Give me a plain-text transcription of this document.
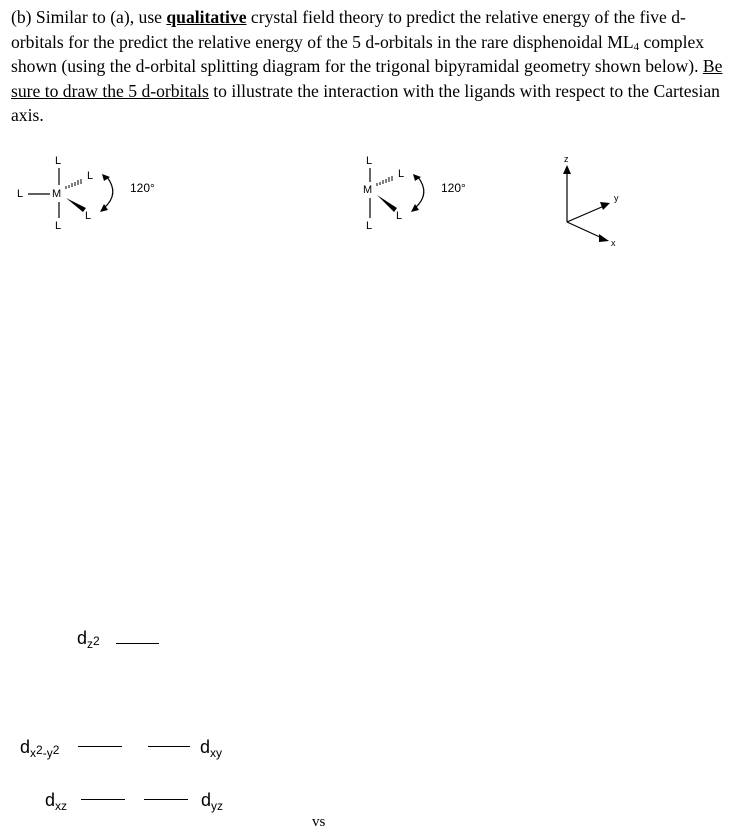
(b) Similar to (a), use qualitative crystal field theory to predict the relative energy of the five d-orbitals for the predict the relative energy of the 5 d-orbitals in the rare disphenoidal $ML_4$ complex shown (using the d-orbital splitting diagram for the trigonal bipyramidal geometry shown below). Be sure to draw the 5 d-orbitals to illustrate the interaction with the ligands with respect to the Cartesian axis.

L
L	M
L
L
L
120°
L
M
L
L
L
120°
z
y
x
$d_z2$
$d_x2_{-y}2$	$d_{xy}$
$d_{xz}$	$d_{yz}$
vs
